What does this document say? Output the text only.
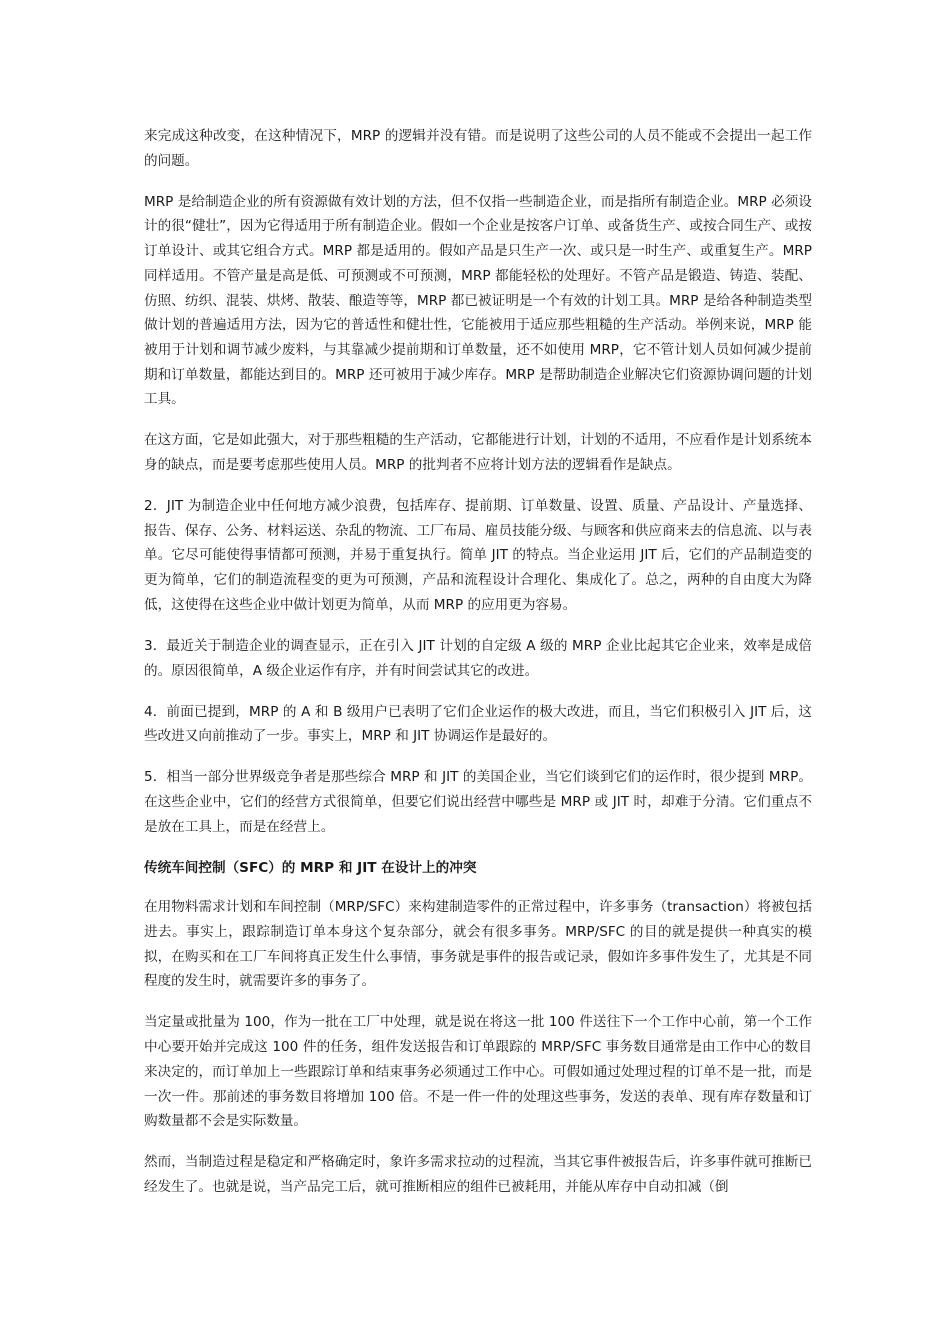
来完成这种改变，在这种情况下，MRP 的逻辑并没有错。而是说明了这些公司的人员不能或不会提出一起工作的问题。

MRP 是给制造企业的所有资源做有效计划的方法，但不仅指一些制造企业，而是指所有制造企业。MRP 必须设计的很“健壮”，因为它得适用于所有制造企业。假如一个企业是按客户订单、或备货生产、或按合同生产、或按订单设计、或其它组合方式。MRP 都是适用的。假如产品是只生产一次、或只是一时生产、或重复生产。MRP 同样适用。不管产量是高是低、可预测或不可预测，MRP 都能轻松的处理好。不管产品是锻造、铸造、装配、仿照、纺织、混装、烘烤、散装、酿造等等，MRP 都已被证明是一个有效的计划工具。MRP 是给各种制造类型做计划的普遍适用方法，因为它的普适性和健壮性，它能被用于适应那些粗糙的生产活动。举例来说，MRP 能被用于计划和调节减少废料，与其靠减少提前期和订单数量，还不如使用 MRP，它不管计划人员如何减少提前期和订单数量，都能达到目的。MRP 还可被用于减少库存。MRP 是帮助制造企业解决它们资源协调问题的计划工具。

在这方面，它是如此强大，对于那些粗糙的生产活动，它都能进行计划，计划的不适用，不应看作是计划系统本身的缺点，而是要考虑那些使用人员。MRP 的批判者不应将计划方法的逻辑看作是缺点。

2．JIT 为制造企业中任何地方减少浪费，包括库存、提前期、订单数量、设置、质量、产品设计、产量选择、报告、保存、公务、材料运送、杂乱的物流、工厂布局、雇员技能分级、与顾客和供应商来去的信息流、以与表单。它尽可能使得事情都可预测，并易于重复执行。简单 JIT 的特点。当企业运用 JIT 后，它们的产品制造变的更为简单，它们的制造流程变的更为可预测，产品和流程设计合理化、集成化了。总之，两种的自由度大为降低，这使得在这些企业中做计划更为简单，从而 MRP 的应用更为容易。

3．最近关于制造企业的调查显示，正在引入 JIT 计划的自定级 A 级的 MRP 企业比起其它企业来，效率是成倍的。原因很简单，A 级企业运作有序，并有时间尝试其它的改进。

4．前面已提到，MRP 的 A 和 B 级用户已表明了它们企业运作的极大改进，而且，当它们积极引入 JIT 后，这些改进又向前推动了一步。事实上，MRP 和 JIT 协调运作是最好的。

5．相当一部分世界级竞争者是那些综合 MRP 和 JIT 的美国企业，当它们谈到它们的运作时，很少提到 MRP。在这些企业中，它们的经营方式很简单，但要它们说出经营中哪些是 MRP 或 JIT 时，却难于分清。它们重点不是放在工具上，而是在经营上。

传统车间控制（SFC）的 MRP 和 JIT 在设计上的冲突

在用物料需求计划和车间控制（MRP/SFC）来构建制造零件的正常过程中，许多事务（transaction）将被包括进去。事实上，跟踪制造订单本身这个复杂部分，就会有很多事务。MRP/SFC 的目的就是提供一种真实的模拟，在购买和在工厂车间将真正发生什么事情，事务就是事件的报告或记录，假如许多事件发生了，尤其是不同程度的发生时，就需要许多的事务了。

当定量或批量为 100，作为一批在工厂中处理，就是说在将这一批 100 件送往下一个工作中心前，第一个工作中心要开始并完成这 100 件的任务，组件发送报告和订单跟踪的 MRP/SFC 事务数目通常是由工作中心的数目来决定的，而订单加上一些跟踪订单和结束事务必须通过工作中心。可假如通过处理过程的订单不是一批，而是一次一件。那前述的事务数目将增加 100 倍。不是一件一件的处理这些事务，发送的表单、现有库存数量和订购数量都不会是实际数量。

然而，当制造过程是稳定和严格确定时，象许多需求拉动的过程流，当其它事件被报告后，许多事件就可推断已经发生了。也就是说，当产品完工后，就可推断相应的组件已被耗用，并能从库存中自动扣减（倒
